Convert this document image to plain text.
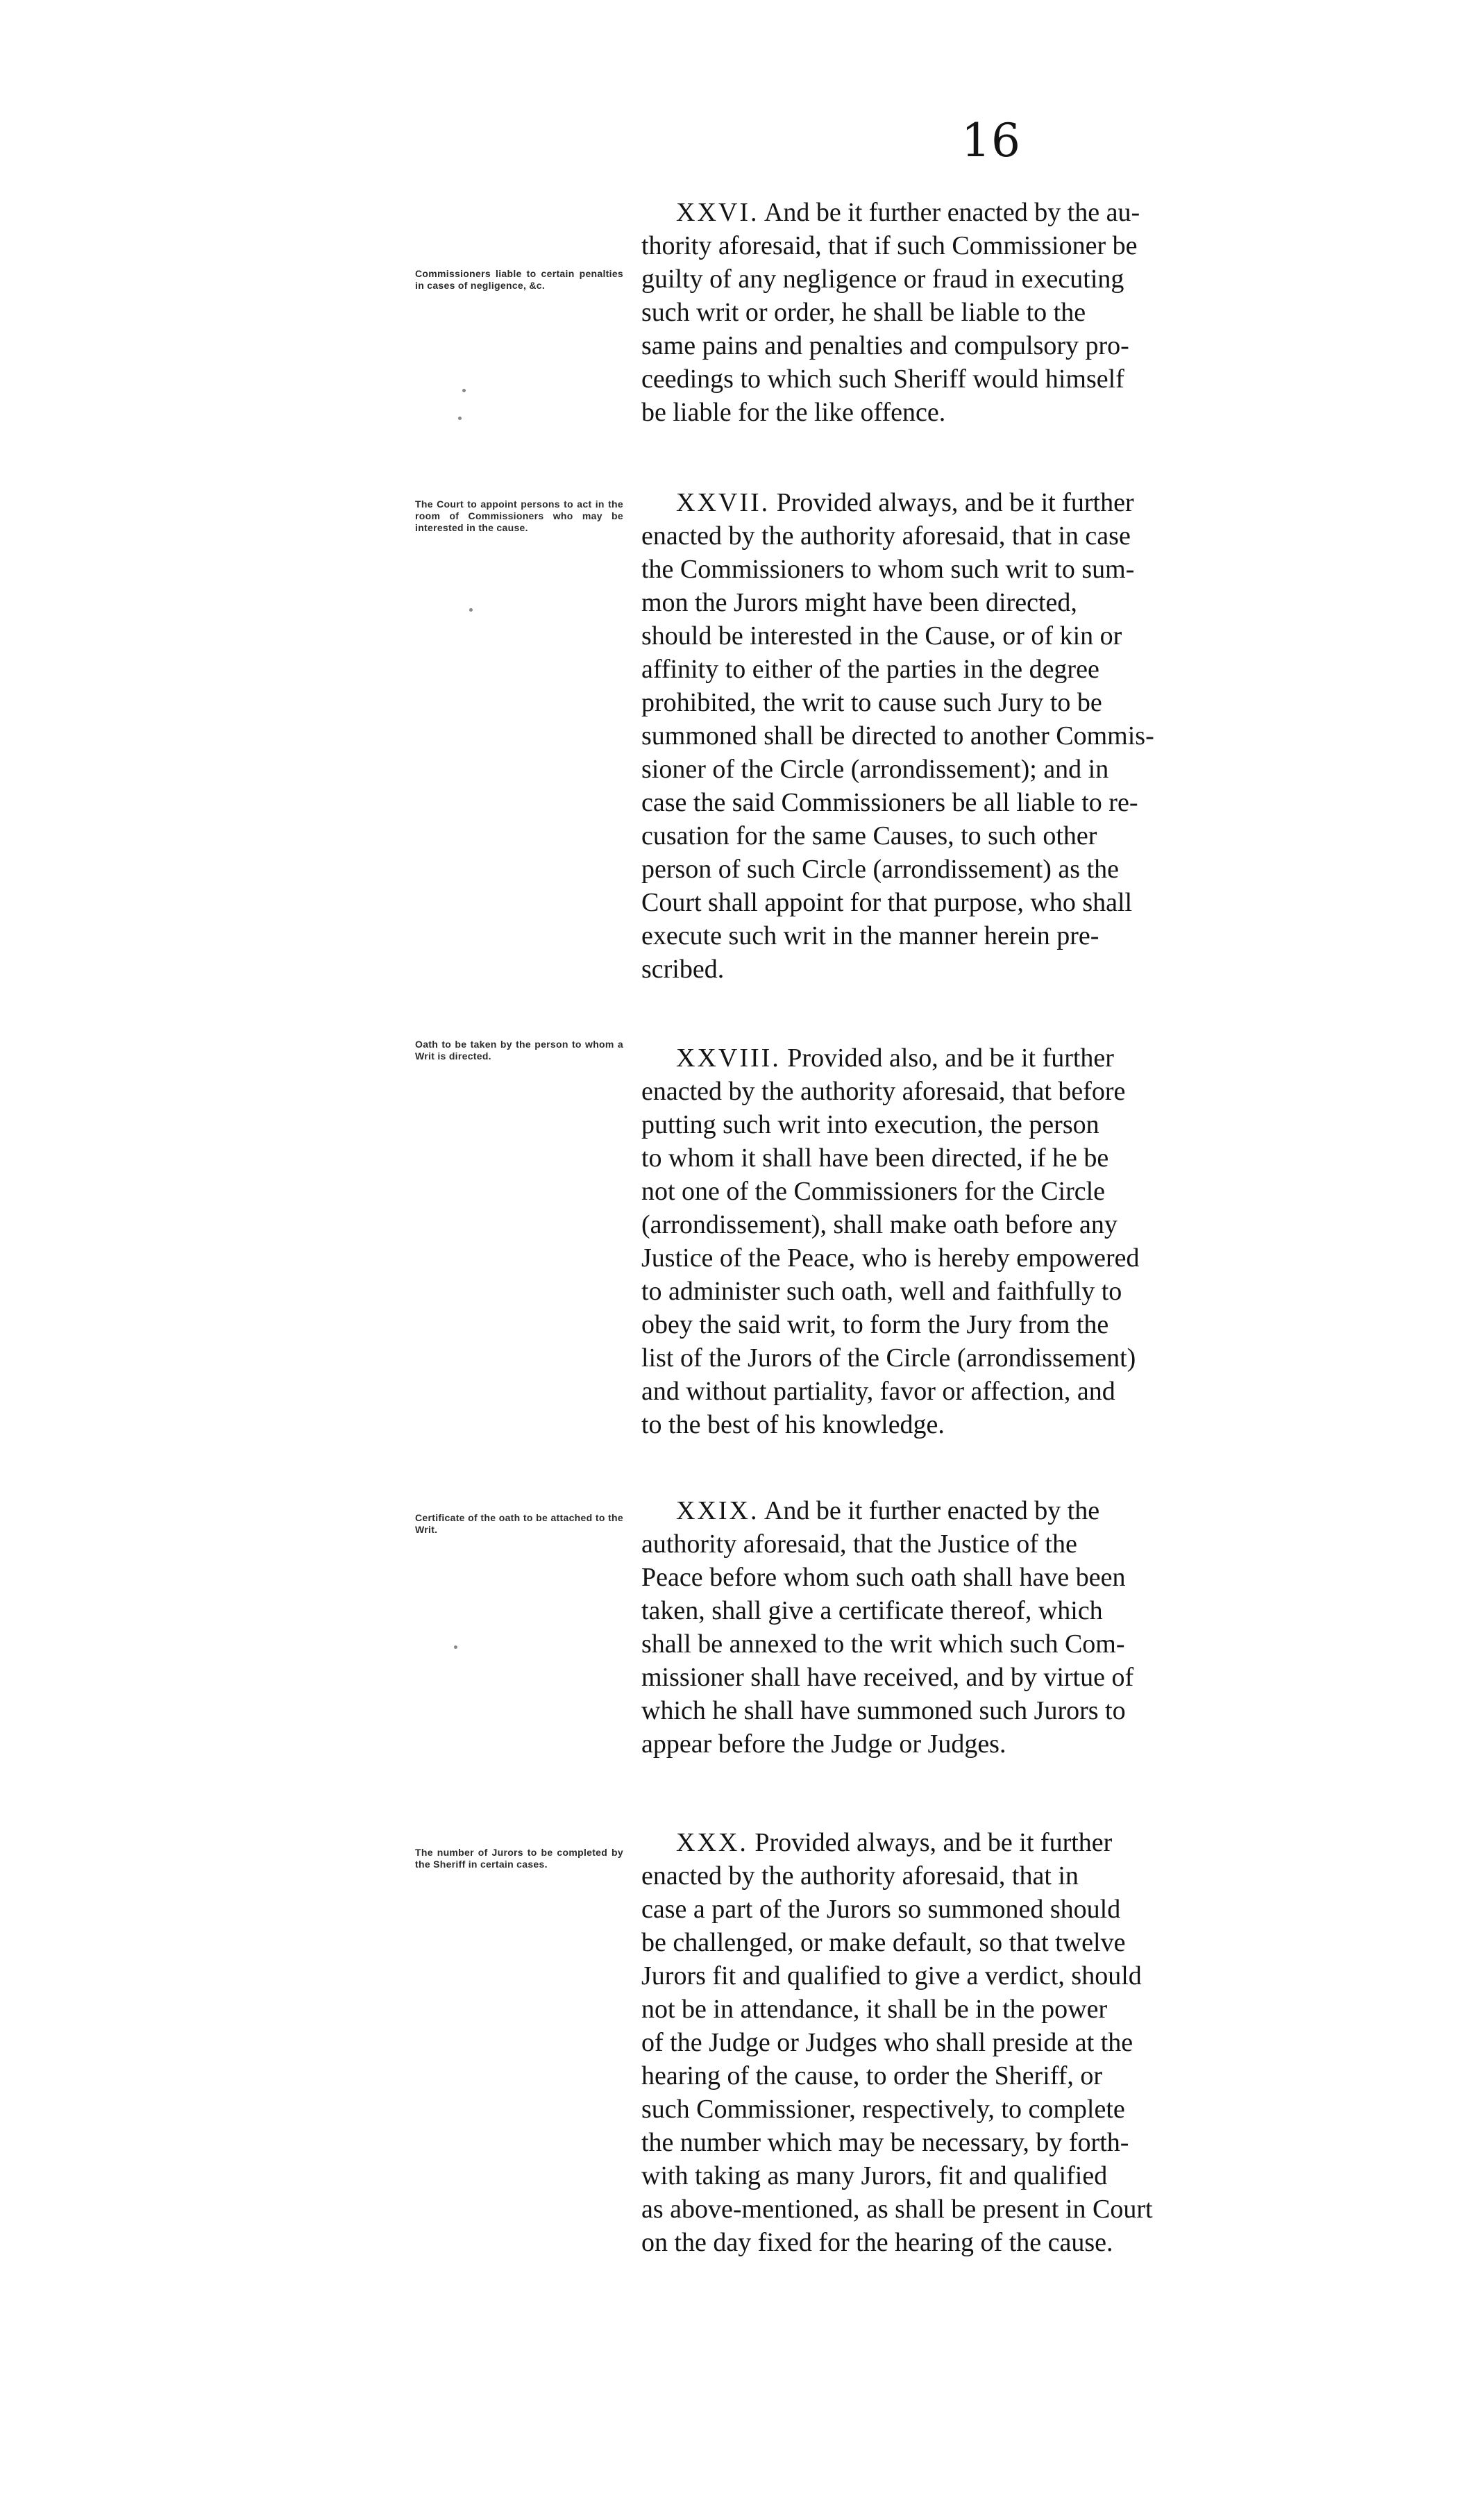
16
Commissioners liable to certain penalties in cases of negligence, &c.
XXVI. And be it further enacted by the au-
thority aforesaid, that if such Commissioner be
guilty of any negligence or fraud in executing
such writ or order, he shall be liable to the
same pains and penalties and compulsory pro-
ceedings to which such Sheriff would himself
be liable for the like offence.
The Court to appoint persons to act in the room of Commissioners who may be interested in the cause.
XXVII. Provided always, and be it further
enacted by the authority aforesaid, that in case
the Commissioners to whom such writ to sum-
mon the Jurors might have been directed,
should be interested in the Cause, or of kin or
affinity to either of the parties in the degree
prohibited, the writ to cause such Jury to be
summoned shall be directed to another Commis-
sioner of the Circle (arrondissement); and in
case the said Commissioners be all liable to re-
cusation for the same Causes, to such other
person of such Circle (arrondissement) as the
Court shall appoint for that purpose, who shall
execute such writ in the manner herein pre-
scribed.
Oath to be taken by the person to whom a Writ is directed.	XXVIII. Provided also, and be it further
enacted by the authority aforesaid, that before
putting such writ into execution, the person
to whom it shall have been directed, if he be
not one of the Commissioners for the Circle
(arrondissement), shall make oath before any
Justice of the Peace, who is hereby empowered
to administer such oath, well and faithfully to
obey the said writ, to form the Jury from the
list of the Jurors of the Circle (arrondissement)
and without partiality, favor or affection, and
to the best of his knowledge.
Certificate of the oath to be attached to the Writ.
XXIX. And be it further enacted by the
authority aforesaid, that the Justice of the
Peace before whom such oath shall have been
taken, shall give a certificate thereof, which
shall be annexed to the writ which such Com-
missioner shall have received, and by virtue of
which he shall have summoned such Jurors to
appear before the Judge or Judges.
The number of Jurors to be completed by the Sheriff in certain cases.
XXX. Provided always, and be it further
enacted by the authority aforesaid, that in
case a part of the Jurors so summoned should
be challenged, or make default, so that twelve
Jurors fit and qualified to give a verdict, should
not be in attendance, it shall be in the power
of the Judge or Judges who shall preside at the
hearing of the cause, to order the Sheriff, or
such Commissioner, respectively, to complete
the number which may be necessary, by forth-
with taking as many Jurors, fit and qualified
as above-mentioned, as shall be present in Court
on the day fixed for the hearing of the cause.
